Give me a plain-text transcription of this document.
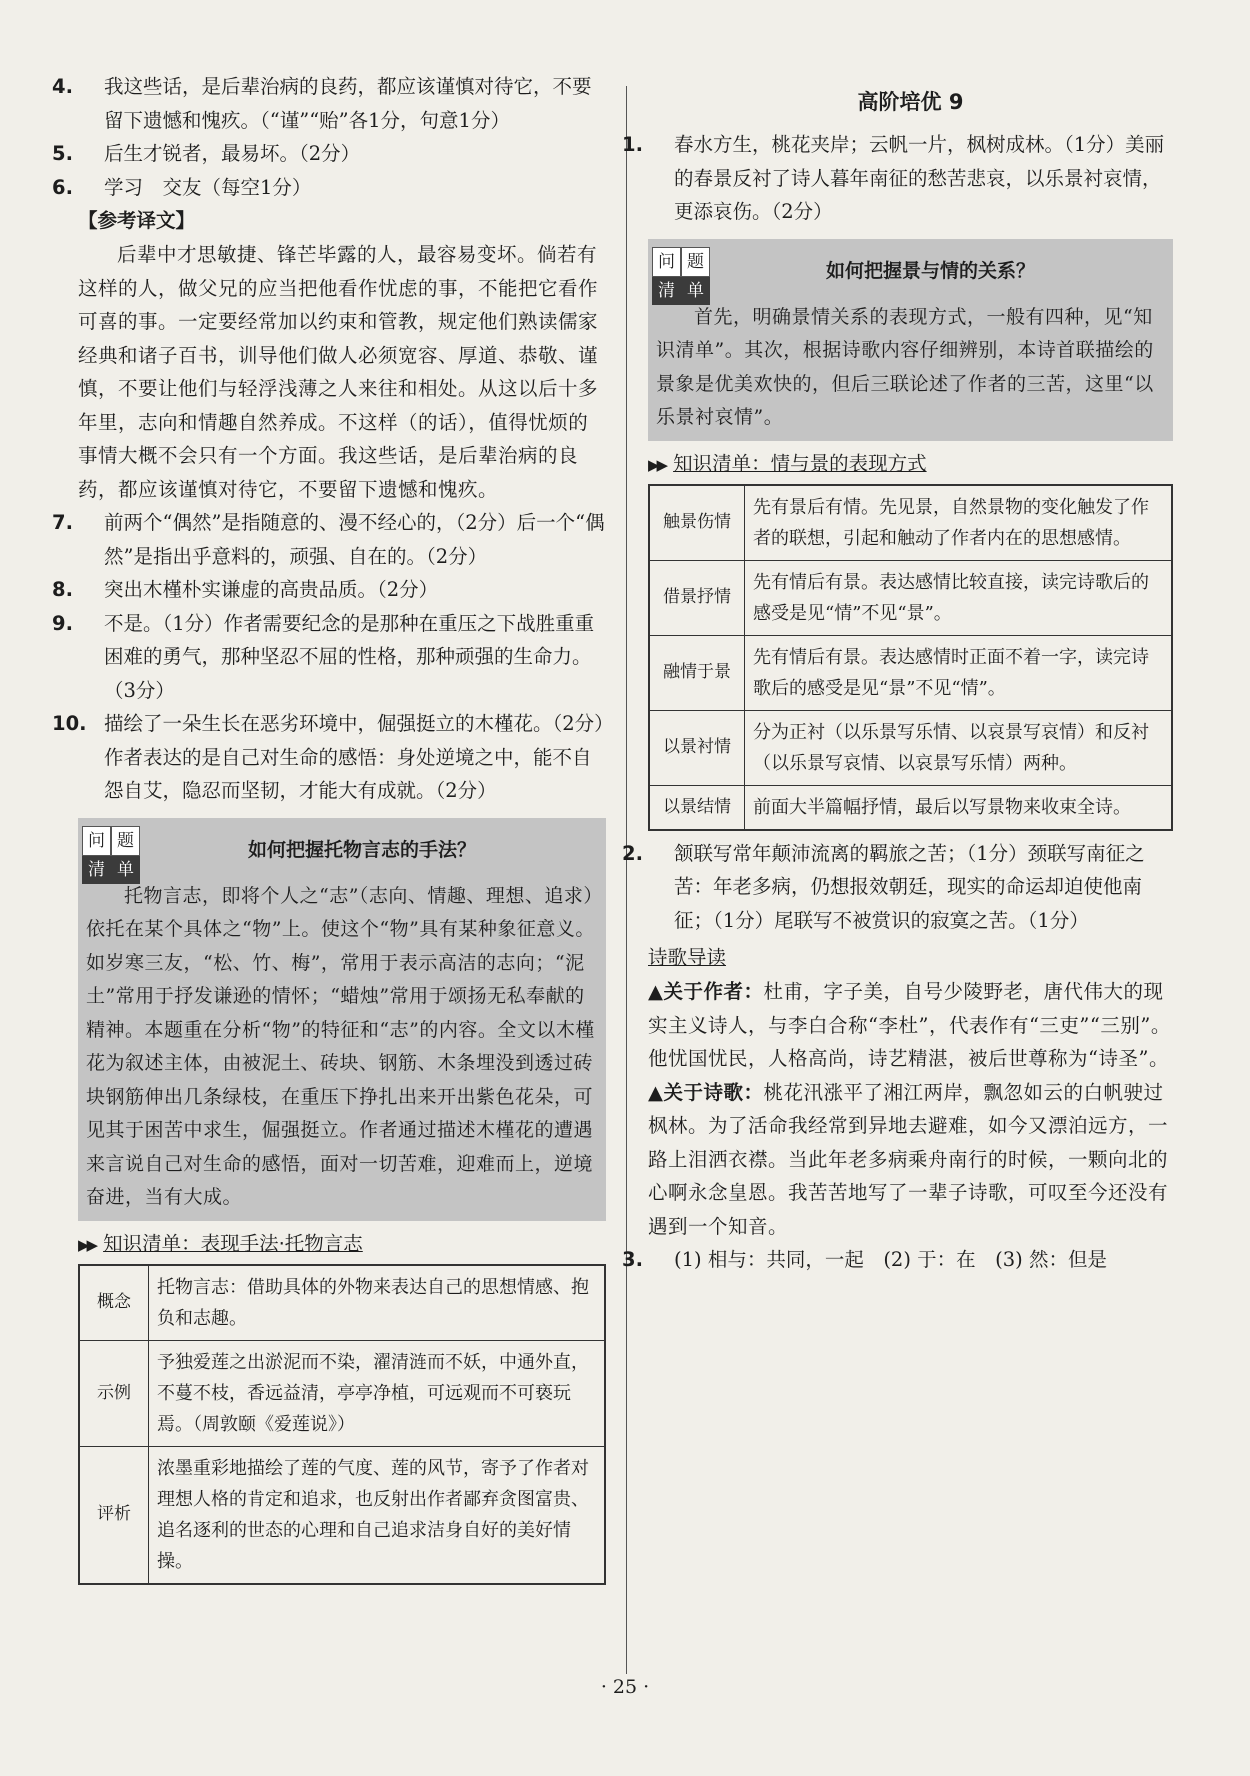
4. 我这些话，是后辈治病的良药，都应该谨慎对待它，不要留下遗憾和愧疚。（“谨”“贻”各1分，句意1分）

5. 后生才锐者，最易坏。（2分）

6. 学习　交友（每空1分）

【参考译文】

后辈中才思敏捷、锋芒毕露的人，最容易变坏。倘若有这样的人，做父兄的应当把他看作忧虑的事，不能把它看作可喜的事。一定要经常加以约束和管教，规定他们熟读儒家经典和诸子百书，训导他们做人必须宽容、厚道、恭敬、谨慎，不要让他们与轻浮浅薄之人来往和相处。从这以后十多年里，志向和情趣自然养成。不这样（的话），值得忧烦的事情大概不会只有一个方面。我这些话，是后辈治病的良药，都应该谨慎对待它，不要留下遗憾和愧疚。

7. 前两个“偶然”是指随意的、漫不经心的，（2分）后一个“偶然”是指出乎意料的，顽强、自在的。（2分）

8. 突出木槿朴实谦虚的高贵品质。（2分）

9. 不是。（1分）作者需要纪念的是那种在重压之下战胜重重困难的勇气，那种坚忍不屈的性格，那种顽强的生命力。（3分）

10. 描绘了一朵生长在恶劣环境中，倔强挺立的木槿花。（2分）作者表达的是自己对生命的感悟：身处逆境之中，能不自怨自艾，隐忍而坚韧，才能大有成就。（2分）

问 题
清 单
如何把握托物言志的手法？

托物言志，即将个人之“志”（志向、情趣、理想、追求）依托在某个具体之“物”上。使这个“物”具有某种象征意义。如岁寒三友，“松、竹、梅”，常用于表示高洁的志向；“泥土”常用于抒发谦逊的情怀；“蜡烛”常用于颂扬无私奉献的精神。本题重在分析“物”的特征和“志”的内容。全文以木槿花为叙述主体，由被泥土、砖块、钢筋、木条埋没到透过砖块钢筋伸出几条绿枝，在重压下挣扎出来开出紫色花朵，可见其于困苦中求生，倔强挺立。作者通过描述木槿花的遭遇来言说自己对生命的感悟，面对一切苦难，迎难而上，逆境奋进，当有大成。

▶▶ 知识清单：表现手法·托物言志
概念	托物言志：借助具体的外物来表达自己的思想情感、抱负和志趣。
示例	予独爱莲之出淤泥而不染，濯清涟而不妖，中通外直，不蔓不枝，香远益清，亭亭净植，可远观而不可亵玩焉。（周敦颐《爱莲说》）
评析	浓墨重彩地描绘了莲的气度、莲的风节，寄予了作者对理想人格的肯定和追求，也反射出作者鄙弃贪图富贵、追名逐利的世态的心理和自己追求洁身自好的美好情操。
高阶培优 9

1. 春水方生，桃花夹岸；云帆一片，枫树成林。（1分）美丽的春景反衬了诗人暮年南征的愁苦悲哀，以乐景衬哀情，更添哀伤。（2分）

问 题
清 单
如何把握景与情的关系？

首先，明确景情关系的表现方式，一般有四种，见“知识清单”。其次，根据诗歌内容仔细辨别，本诗首联描绘的景象是优美欢快的，但后三联论述了作者的三苦，这里“以乐景衬哀情”。

▶▶ 知识清单：情与景的表现方式
触景伤情	先有景后有情。先见景，自然景物的变化触发了作者的联想，引起和触动了作者内在的思想感情。
借景抒情	先有情后有景。表达感情比较直接，读完诗歌后的感受是见“情”不见“景”。
融情于景	先有情后有景。表达感情时正面不着一字，读完诗歌后的感受是见“景”不见“情”。
以景衬情	分为正衬（以乐景写乐情、以哀景写哀情）和反衬（以乐景写哀情、以哀景写乐情）两种。
以景结情	前面大半篇幅抒情，最后以写景物来收束全诗。

2. 颔联写常年颠沛流离的羁旅之苦；（1分）颈联写南征之苦：年老多病，仍想报效朝廷，现实的命运却迫使他南征；（1分）尾联写不被赏识的寂寞之苦。（1分）

诗歌导读

▲关于作者：杜甫，字子美，自号少陵野老，唐代伟大的现实主义诗人，与李白合称“李杜”，代表作有“三吏”“三别”。他忧国忧民，人格高尚，诗艺精湛，被后世尊称为“诗圣”。

▲关于诗歌：桃花汛涨平了湘江两岸，飘忽如云的白帆驶过枫林。为了活命我经常到异地去避难，如今又漂泊远方，一路上泪洒衣襟。当此年老多病乘舟南行的时候，一颗向北的心啊永念皇恩。我苦苦地写了一辈子诗歌，可叹至今还没有遇到一个知音。

3. (1) 相与：共同，一起　(2) 于：在　(3) 然：但是

· 25 ·
